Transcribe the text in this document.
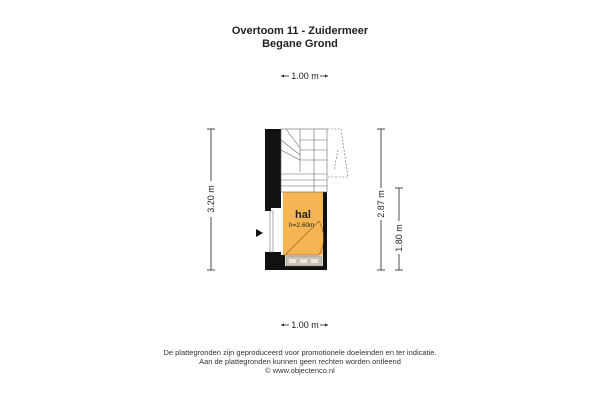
Overtoom 11 - Zuidermeer
Begane Grond
1.00 m
1.00 m
3.20 m	2.87 m
1.80 m
hal
h=2.60m
De plattegronden zijn geproduceerd voor promotionele doeleinden en ter indicatie.
Aan de plattegronden kunnen geen rechten worden ontleend
© www.objectenco.nl
